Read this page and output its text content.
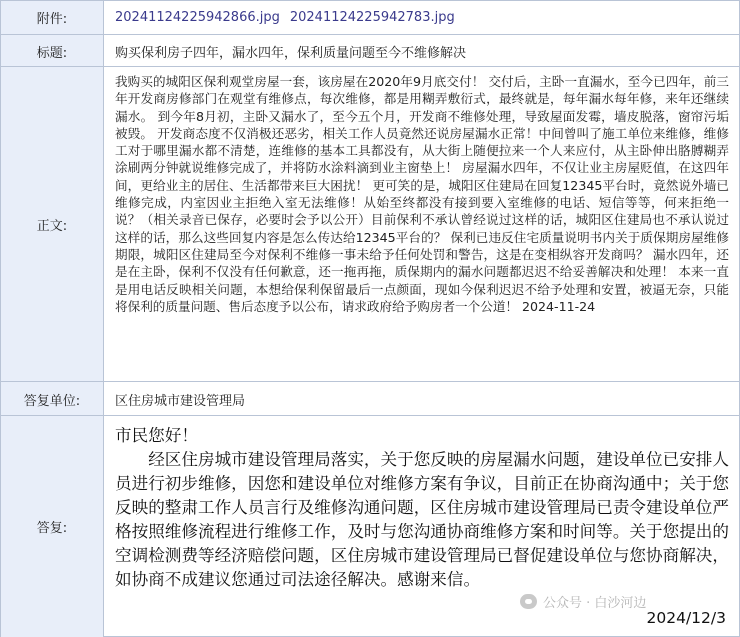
附件:	20241124225942866.jpg 20241124225942783.jpg
标题:	购买保利房子四年，漏水四年，保利质量问题至今不维修解决
正文:
我购买的城阳区保利观堂房屋一套，该房屋在2020年9月底交付！ 交付后，主卧一直漏水，至今已四年，前三年开发商房修部门在观堂有维修点，每次维修，都是用糊弄敷衍式，最终就是，每年漏水每年修，来年还继续漏水。 到今年8月初，主卧又漏水了，至今五个月，开发商不维修处理，导致屋面发霉，墙皮脱落，窗帘污垢被毁。 开发商态度不仅消极还恶劣，相关工作人员竟然还说房屋漏水正常！中间曾叫了施工单位来维修，维修工对于哪里漏水都不清楚，连维修的基本工具都没有，从大街上随便拉来一个人来应付，从主卧伸出胳膊糊弄涂刷两分钟就说维修完成了，并将防水涂料滴到业主窗垫上！ 房屋漏水四年，不仅让业主房屋贬值，在这四年间，更给业主的居住、生活都带来巨大困扰！ 更可笑的是，城阳区住建局在回复12345平台时，竟然说外墙已维修完成，内室因业主拒绝入室无法维修！从始至终都没有接到要入室维修的电话、短信等等，何来拒绝一说？（相关录音已保存，必要时会予以公开）目前保利不承认曾经说过这样的话，城阳区住建局也不承认说过这样的话，那么这些回复内容是怎么传达给12345平台的？ 保利已违反住宅质量说明书内关于质保期房屋维修期限，城阳区住建局至今对保利不维修一事未给予任何处罚和警告，这是在变相纵容开发商吗？ 漏水四年，还是在主卧，保利不仅没有任何歉意，还一拖再拖，质保期内的漏水问题都迟迟不给妥善解决和处理！ 本来一直是用电话反映相关问题，本想给保利保留最后一点颜面，现如今保利迟迟不给予处理和安置，被逼无奈，只能将保利的质量问题、售后态度予以公布，请求政府给予购房者一个公道！ 2024-11-24
答复单位:	区住房城市建设管理局
答复:

市民您好！

经区住房城市建设管理局落实，关于您反映的房屋漏水问题，建设单位已安排人员进行初步维修，因您和建设单位对维修方案有争议，目前正在协商沟通中；关于您反映的整肃工作人员言行及维修沟通问题，区住房城市建设管理局已责令建设单位严格按照维修流程进行维修工作，及时与您沟通协商维修方案和时间等。关于您提出的空调检测费等经济赔偿问题，区住房城市建设管理局已督促建设单位与您协商解决，如协商不成建议您通过司法途径解决。感谢来信。

公众号 · 白沙河边
2024/12/3
